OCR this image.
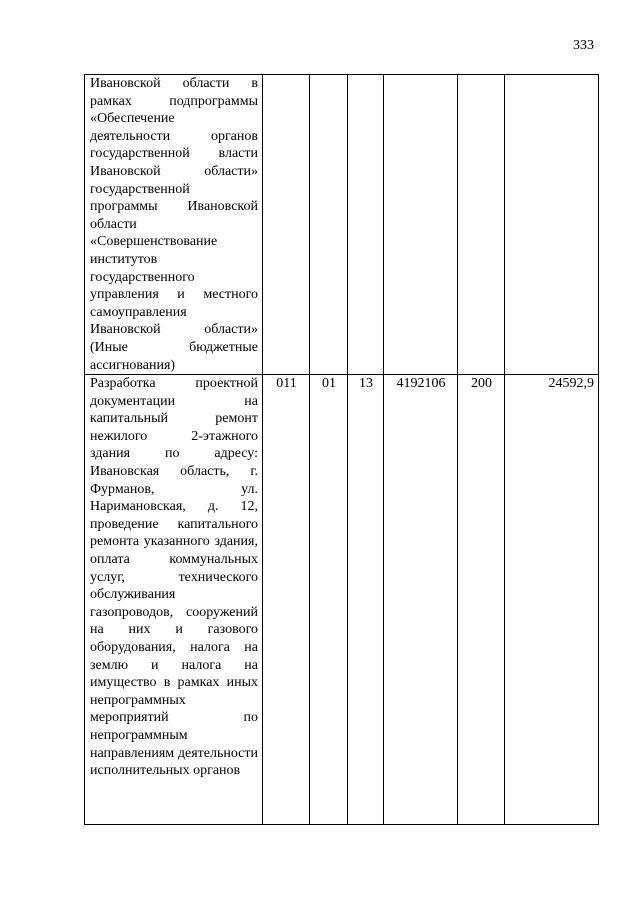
333
Ивановской области в рамках подпрограммы «Обеспечение деятельности органов государственной власти Ивановской области» государственной программы Ивановской области «Совершенствование институтов государственного управления и местного самоуправления Ивановской области» (Иные бюджетные ассигнования)						
Разработка проектной документации на капитальный ремонт нежилого 2-этажного здания по адресу: Ивановская область, г. Фурманов, ул. Наримановская, д. 12, проведение капитального ремонта указанного здания, оплата коммунальных услуг, технического обслуживания газопроводов, сооружений на них и газового оборудования, налога на землю и налога на имущество в рамках иных непрограммных мероприятий по непрограммным направлениям деятельности исполнительных органов	011	01	13	4192106	200	24592,9
